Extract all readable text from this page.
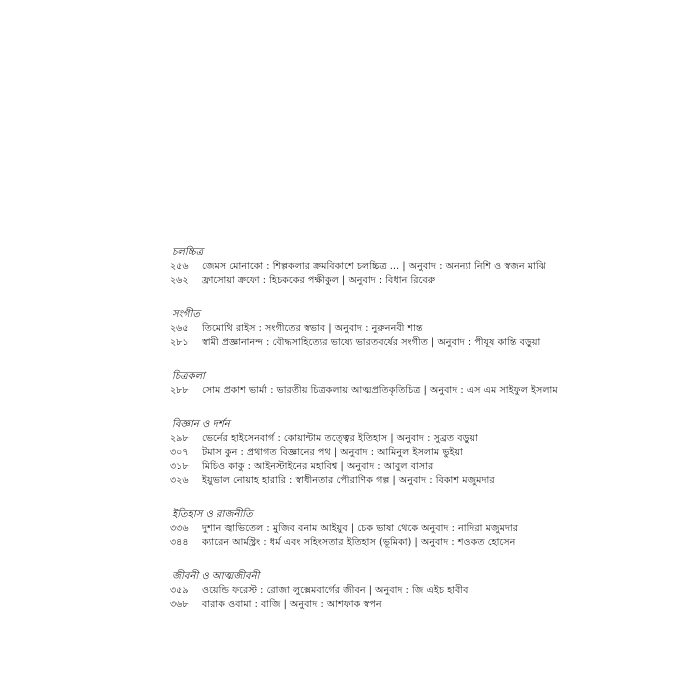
চলচ্চিত্র
২৫৬	জেমস মোনাকো : শিল্পকলার ক্রমবিকাশে চলচ্চিত্র ... | অনুবাদ : অনন্যা নিশি ও স্বজন মাঝি
২৬২	ফ্রাসোয়া ক্রফো : হিচককের পক্ষীকুল | অনুবাদ : বিধান রিবেরু
সংগীত
২৬৫	তিমোথি রাইস : সংগীতের স্বভাব | অনুবাদ : নুরুননবী শান্ত
২৮১	স্বামী প্রজ্ঞানানন্দ : বৌদ্ধসাহিত্যের ভাষ্যে ভারতবর্ষের সংগীত | অনুবাদ : পীযূষ কান্তি বড়ুয়া
চিত্রকলা
২৮৮	সোম প্রকাশ ভার্মা : ভারতীয় চিত্রকলায় আত্মপ্রতিকৃতিচিত্র | অনুবাদ : এস এম সাইফুল ইসলাম
বিজ্ঞান ও দর্শন
২৯৮	ভের্নের হাইসেনবার্গ : কোয়ান্টাম তত্ত্বের ইতিহাস | অনুবাদ : সুব্রত বড়ুয়া
৩০৭	টমাস কুন : প্রথাগত বিজ্ঞানের পথ | অনুবাদ : আমিনুল ইসলাম ভুইয়া
৩১৮	মিচিও কাকু : আইনস্টাইনের মহাবিশ্ব | অনুবাদ : আবুল বাসার
৩২৬	ইয়ুভাল নোয়াহ হারারি : স্বাধীনতার পৌরাণিক গল্প | অনুবাদ : বিকাশ মজুমদার
ইতিহাস ও রাজনীতি
৩৩৬	দুশান জ্বাভিতেল : মুজিব বনাম আইয়ুব | চেক ভাষা থেকে অনুবাদ : নাদিরা মজুমদার
৩৪৪	ক্যারেন আর্মস্ট্রং : ধর্ম এবং সহিংসতার ইতিহাস (ভূমিকা) | অনুবাদ : শওকত হোসেন
জীবনী ও আত্মজীবনী
৩৫৯	ওয়েন্ডি ফরেস্ট : রোজা লুক্সেমবার্গের জীবন | অনুবাদ : জি এইচ হাবীব
৩৬৮	বারাক ওবামা : বাজি | অনুবাদ : আশফাক স্বপন
